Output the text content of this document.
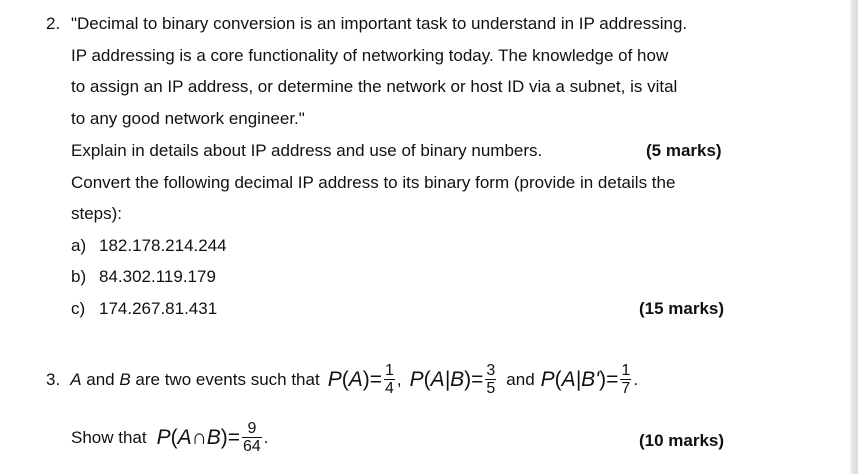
2. "Decimal to binary conversion is an important task to understand in IP addressing.
IP addressing is a core functionality of networking today. The knowledge of how
to assign an IP address, or determine the network or host ID via a subnet, is vital
to any good network engineer."
Explain in details about IP address and use of binary numbers.	(5 marks)
Convert the following decimal IP address to its binary form (provide in details the
steps):
a) 182.178.214.244
b) 84.302.119.179
c) 174.267.81.431	(15 marks)
3. A and B are two events such that $P(A)= \frac{1}{4}$ , $P(A|B)= \frac{3}{5}$ and $P(A|B')= \frac{1}{7}$ .
Show that P(A∩B)= $\frac{9}{64}$ .	(10 marks)
